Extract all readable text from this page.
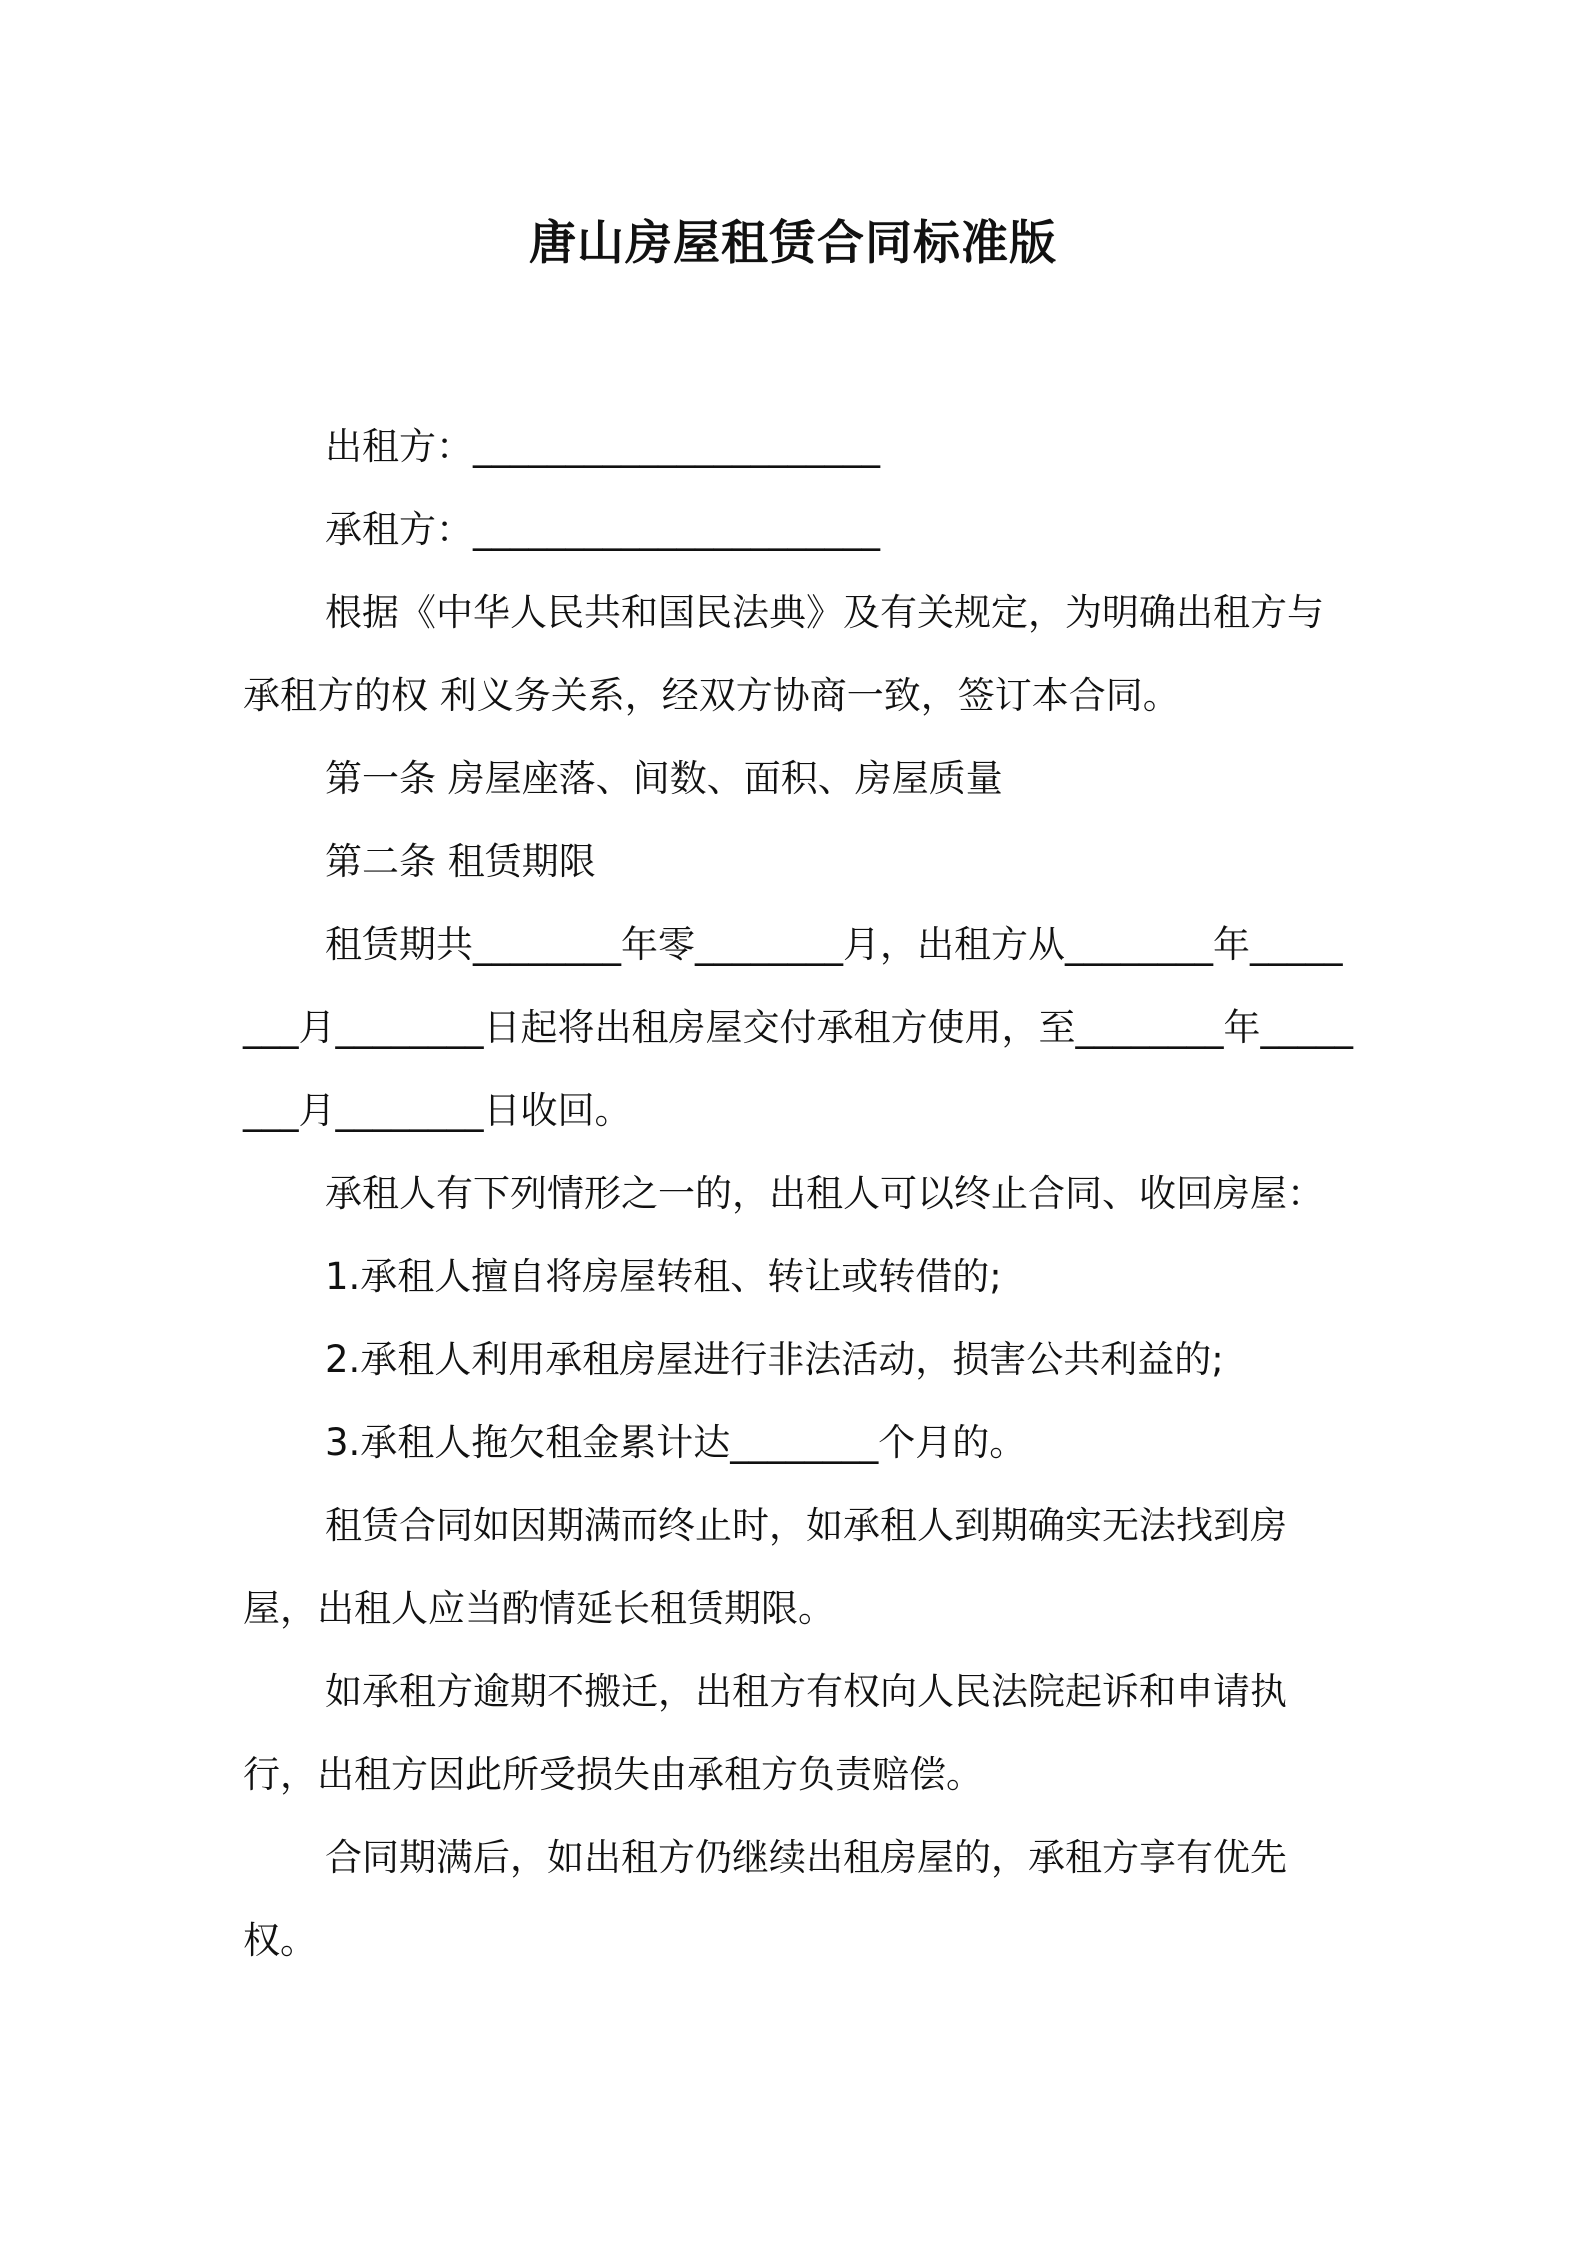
唐山房屋租赁合同标准版

出租方：______________________

承租方：______________________

根据《中华人民共和国民法典》及有关规定，为明确出租方与承租方的权 利义务关系，经双方协商一致，签订本合同。

第一条 房屋座落、间数、面积、房屋质量

第二条 租赁期限

租赁期共________年零________月，出租方从________年________月________日起将出租房屋交付承租方使用，至________年________月________日收回。

承租人有下列情形之一的，出租人可以终止合同、收回房屋：

1.承租人擅自将房屋转租、转让或转借的;

2.承租人利用承租房屋进行非法活动，损害公共利益的;

3.承租人拖欠租金累计达________个月的。

租赁合同如因期满而终止时，如承租人到期确实无法找到房屋，出租人应当酌情延长租赁期限。

如承租方逾期不搬迁，出租方有权向人民法院起诉和申请执行，出租方因此所受损失由承租方负责赔偿。

合同期满后，如出租方仍继续出租房屋的，承租方享有优先权。
